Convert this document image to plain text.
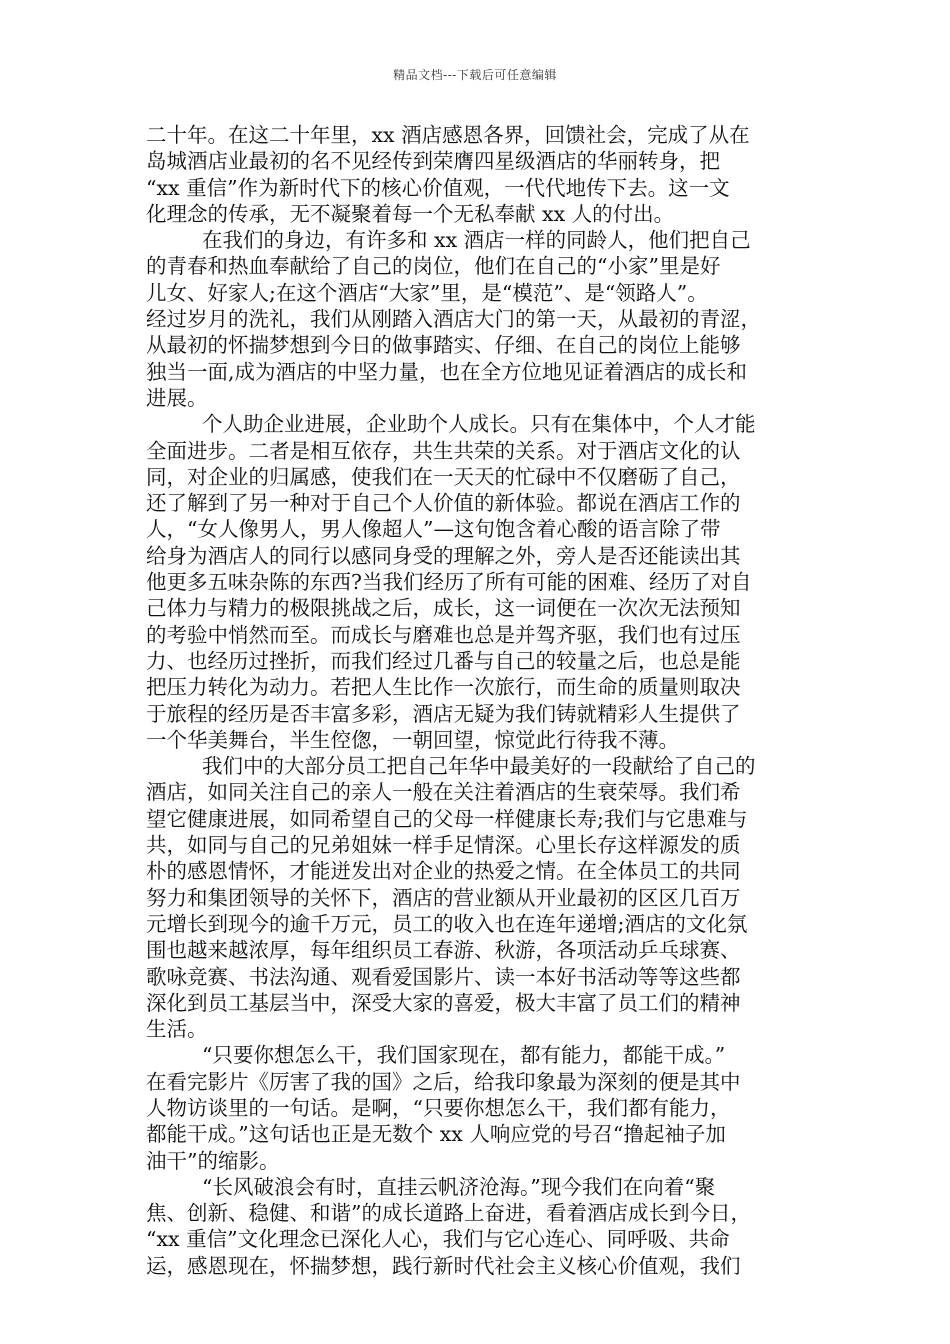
精品文档---下载后可任意编辑
二十年。在这二十年里，xx 酒店感恩各界，回馈社会，完成了从在
岛城酒店业最初的名不见经传到荣膺四星级酒店的华丽转身，把
“xx 重信”作为新时代下的核心价值观，一代代地传下去。这一文
化理念的传承，无不凝聚着每一个无私奉献 xx 人的付出。
在我们的身边，有许多和 xx 酒店一样的同龄人，他们把自己
的青春和热血奉献给了自己的岗位，他们在自己的“小家”里是好
儿女、好家人;在这个酒店“大家”里，是“模范”、是“领路人”。
经过岁月的洗礼，我们从刚踏入酒店大门的第一天，从最初的青涩，
从最初的怀揣梦想到今日的做事踏实、仔细、在自己的岗位上能够
独当一面,成为酒店的中坚力量，也在全方位地见证着酒店的成长和
进展。
个人助企业进展，企业助个人成长。只有在集体中，个人才能
全面进步。二者是相互依存，共生共荣的关系。对于酒店文化的认
同，对企业的归属感，使我们在一天天的忙碌中不仅磨砺了自己，
还了解到了另一种对于自己个人价值的新体验。都说在酒店工作的
人，“女人像男人，男人像超人”—这句饱含着心酸的语言除了带
给身为酒店人的同行以感同身受的理解之外，旁人是否还能读出其
他更多五味杂陈的东西?当我们经历了所有可能的困难、经历了对自
己体力与精力的极限挑战之后，成长，这一词便在一次次无法预知
的考验中悄然而至。而成长与磨难也总是并驾齐驱，我们也有过压
力、也经历过挫折，而我们经过几番与自己的较量之后，也总是能
把压力转化为动力。若把人生比作一次旅行，而生命的质量则取决
于旅程的经历是否丰富多彩，酒店无疑为我们铸就精彩人生提供了
一个华美舞台，半生倥偬，一朝回望，惊觉此行待我不薄。
我们中的大部分员工把自己年华中最美好的一段献给了自己的
酒店，如同关注自己的亲人一般在关注着酒店的生衰荣辱。我们希
望它健康进展，如同希望自己的父母一样健康长寿;我们与它患难与
共，如同与自己的兄弟姐妹一样手足情深。心里长存这样源发的质
朴的感恩情怀，才能迸发出对企业的热爱之情。在全体员工的共同
努力和集团领导的关怀下，酒店的营业额从开业最初的区区几百万
元增长到现今的逾千万元，员工的收入也在连年递增;酒店的文化氛
围也越来越浓厚，每年组织员工春游、秋游，各项活动乒乓球赛、
歌咏竞赛、书法沟通、观看爱国影片、读一本好书活动等等这些都
深化到员工基层当中，深受大家的喜爱，极大丰富了员工们的精神
生活。
“只要你想怎么干，我们国家现在，都有能力，都能干成。”
在看完影片《厉害了我的国》之后，给我印象最为深刻的便是其中
人物访谈里的一句话。是啊，“只要你想怎么干，我们都有能力，
都能干成。”这句话也正是无数个 xx 人响应党的号召“撸起袖子加
油干”的缩影。
“长风破浪会有时，直挂云帆济沧海。”现今我们在向着“聚
焦、创新、稳健、和谐”的成长道路上奋进，看着酒店成长到今日，
“xx 重信”文化理念已深化人心，我们与它心连心、同呼吸、共命
运，感恩现在，怀揣梦想，践行新时代社会主义核心价值观，我们
